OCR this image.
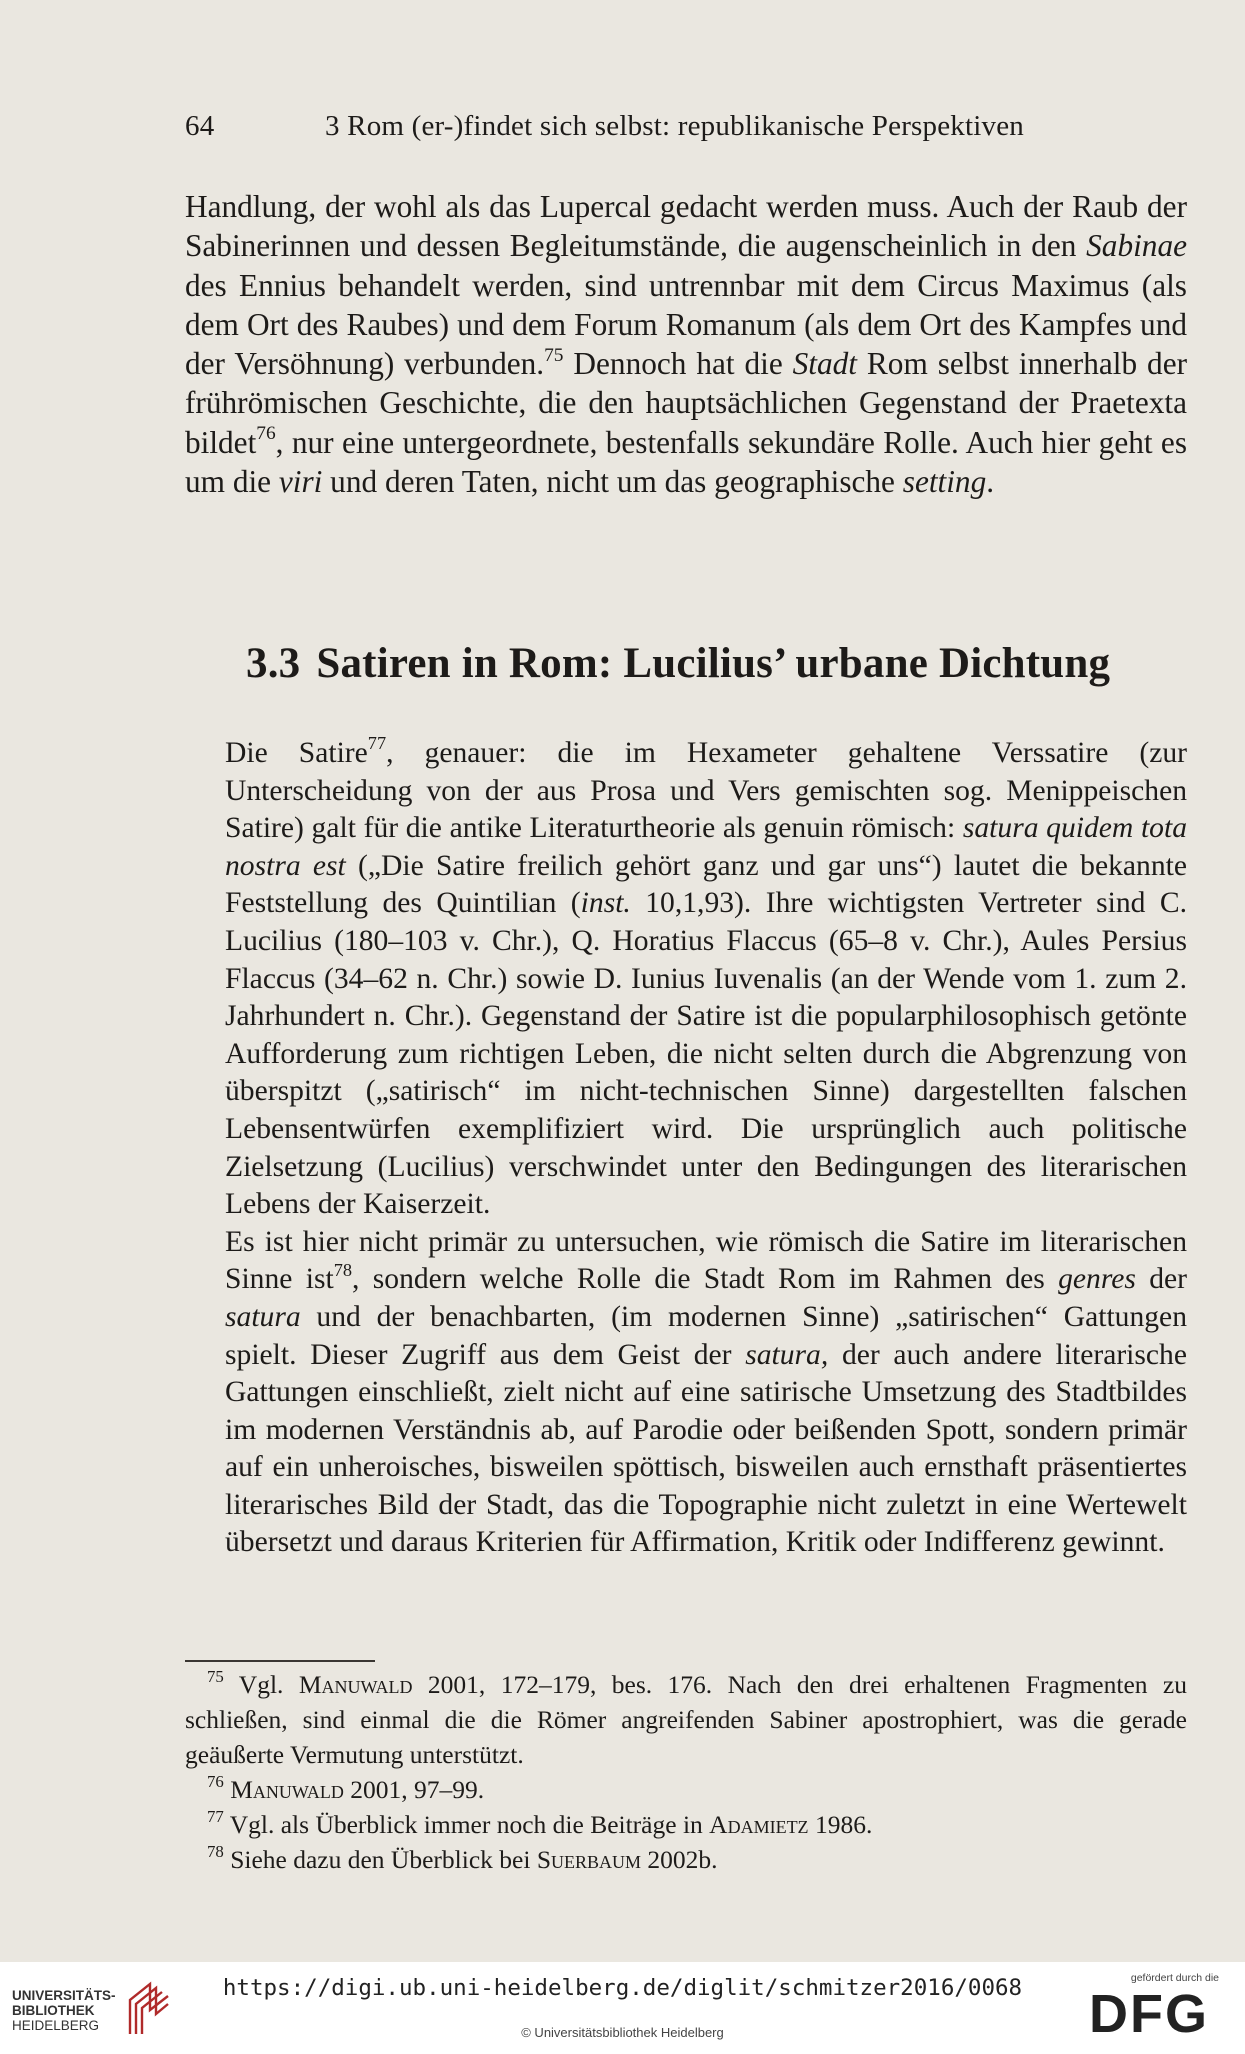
64	3 Rom (er-)findet sich selbst: republikanische Perspektiven

Handlung, der wohl als das Lupercal gedacht werden muss. Auch der Raub der Sabinerinnen und dessen Begleitumstände, die augenscheinlich in den Sabinae des Ennius behandelt werden, sind untrennbar mit dem Circus Maximus (als dem Ort des Raubes) und dem Forum Romanum (als dem Ort des Kampfes und der Versöhnung) verbunden.$^{75}$ Dennoch hat die Stadt Rom selbst innerhalb der frührömischen Geschichte, die den hauptsächlichen Gegenstand der Praetexta bildet$^{76}$, nur eine untergeordnete, bestenfalls sekundäre Rolle. Auch hier geht es um die viri und deren Taten, nicht um das geographische setting.

3.3 Satiren in Rom: Lucilius’ urbane Dichtung

Die Satire$^{77}$, genauer: die im Hexameter gehaltene Verssatire (zur Unterscheidung von der aus Prosa und Vers gemischten sog. Menippeischen Satire) galt für die antike Literaturtheorie als genuin römisch: satura quidem tota nostra est („Die Satire freilich gehört ganz und gar uns“) lautet die bekannte Feststellung des Quintilian (inst. 10,1,93). Ihre wichtigsten Vertreter sind C. Lucilius (180–103 v. Chr.), Q. Horatius Flaccus (65–8 v. Chr.), Aules Persius Flaccus (34–62 n. Chr.) sowie D. Iunius Iuvenalis (an der Wende vom 1. zum 2. Jahrhundert n. Chr.). Gegenstand der Satire ist die popularphilosophisch getönte Aufforderung zum richtigen Leben, die nicht selten durch die Abgrenzung von überspitzt („satirisch“ im nicht-technischen Sinne) dargestellten falschen Lebensentwürfen exemplifiziert wird. Die ursprünglich auch politische Zielsetzung (Lucilius) verschwindet unter den Bedingungen des literarischen Lebens der Kaiserzeit.

Es ist hier nicht primär zu untersuchen, wie römisch die Satire im literarischen Sinne ist$^{78}$, sondern welche Rolle die Stadt Rom im Rahmen des genres der satura und der benachbarten, (im modernen Sinne) „satirischen“ Gattungen spielt. Dieser Zugriff aus dem Geist der satura, der auch andere literarische Gattungen einschließt, zielt nicht auf eine satirische Umsetzung des Stadtbildes im modernen Verständnis ab, auf Parodie oder beißenden Spott, sondern primär auf ein unheroisches, bisweilen spöttisch, bisweilen auch ernsthaft präsentiertes literarisches Bild der Stadt, das die Topographie nicht zuletzt in eine Wertewelt übersetzt und daraus Kriterien für Affirmation, Kritik oder Indifferenz gewinnt.

$^{75}$ Vgl. Manuwald 2001, 172–179, bes. 176. Nach den drei erhaltenen Fragmenten zu schließen, sind einmal die die Römer angreifenden Sabiner apostrophiert, was die gerade geäußerte Vermutung unterstützt.

$^{76}$ Manuwald 2001, 97–99.

$^{77}$ Vgl. als Überblick immer noch die Beiträge in Adamietz 1986.

$^{78}$ Siehe dazu den Überblick bei Suerbaum 2002b.

UNIVERSITÄTS-
BIBLIOTHEK
HEIDELBERG
https://digi.ub.uni-heidelberg.de/diglit/schmitzer2016/0068
© Universitätsbibliothek Heidelberg
gefördert durch die
DFG
